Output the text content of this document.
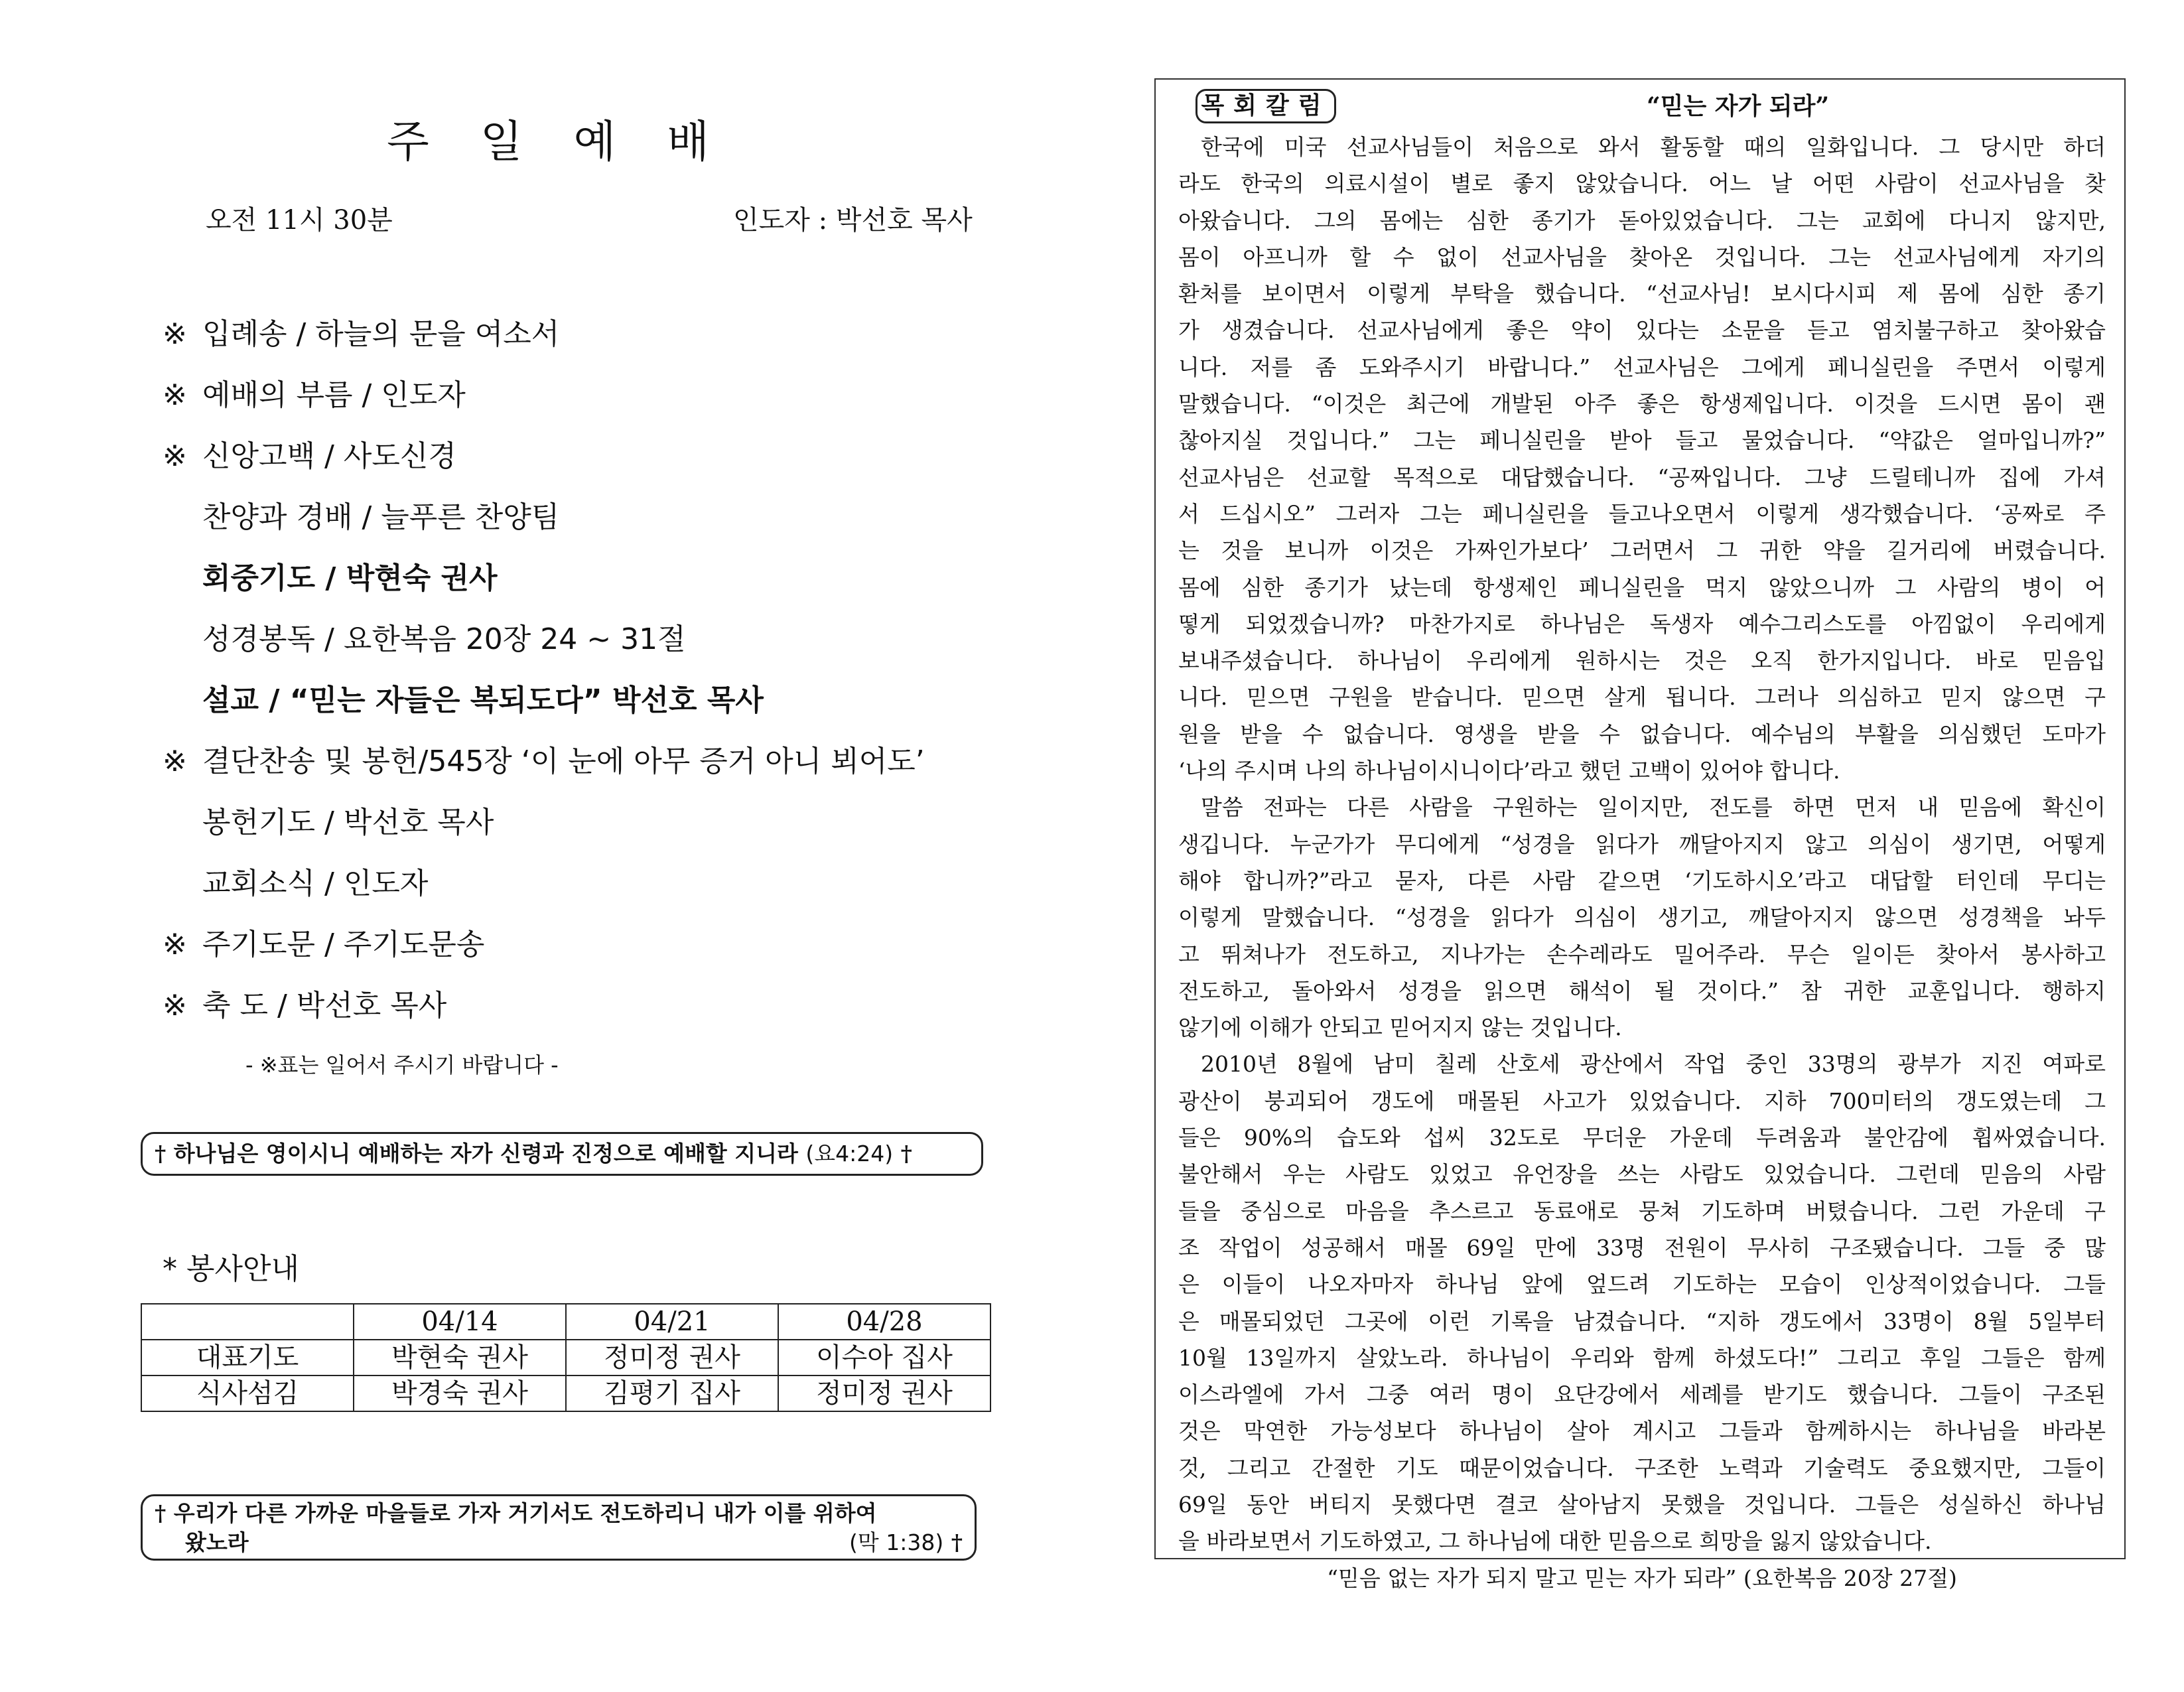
주 일 예 배
오전 11시 30분	인도자 : 박선호 목사
※ 입례송 / 하늘의 문을 여소서
※ 예배의 부름 / 인도자
※ 신앙고백 / 사도신경
찬양과 경배 / 늘푸른 찬양팀
회중기도 / 박현숙 권사
성경봉독 / 요한복음 20장 24 ~ 31절
설교 / “믿는 자들은 복되도다” 박선호 목사
※ 결단찬송 및 봉헌/545장 ‘이 눈에 아무 증거 아니 뵈어도’
봉헌기도 / 박선호 목사
교회소식 / 인도자
※ 주기도문 / 주기도문송
※ 축 도 / 박선호 목사
- ※표는 일어서 주시기 바랍니다 -
† 하나님은 영이시니 예배하는 자가 신령과 진정으로 예배할 지니라 (요4:24) †
* 봉사안내
	04/14	04/21	04/28
대표기도	박현숙 권사	정미정 권사	이수아 집사
식사섬김	박경숙 권사	김평기 집사	정미정 권사
† 우리가 다른 가까운 마을들로 가자 거기서도 전도하리니 내가 이를 위하여
왔노라	(막 1:38) †
목회칼럼	“믿는 자가 되라”
한국에 미국 선교사님들이 처음으로 와서 활동할 때의 일화입니다. 그 당시만 하더
라도 한국의 의료시설이 별로 좋지 않았습니다. 어느 날 어떤 사람이 선교사님을 찾
아왔습니다. 그의 몸에는 심한 종기가 돋아있었습니다. 그는 교회에 다니지 않지만,
몸이 아프니까 할 수 없이 선교사님을 찾아온 것입니다. 그는 선교사님에게 자기의
환처를 보이면서 이렇게 부탁을 했습니다. “선교사님! 보시다시피 제 몸에 심한 종기
가 생겼습니다. 선교사님에게 좋은 약이 있다는 소문을 듣고 염치불구하고 찾아왔습
니다. 저를 좀 도와주시기 바랍니다.” 선교사님은 그에게 페니실린을 주면서 이렇게
말했습니다. “이것은 최근에 개발된 아주 좋은 항생제입니다. 이것을 드시면 몸이 괜
찮아지실 것입니다.” 그는 페니실린을 받아 들고 물었습니다. “약값은 얼마입니까?”
선교사님은 선교할 목적으로 대답했습니다. “공짜입니다. 그냥 드릴테니까 집에 가셔
서 드십시오” 그러자 그는 페니실린을 들고나오면서 이렇게 생각했습니다. ‘공짜로 주
는 것을 보니까 이것은 가짜인가보다’ 그러면서 그 귀한 약을 길거리에 버렸습니다.
몸에 심한 종기가 났는데 항생제인 페니실린을 먹지 않았으니까 그 사람의 병이 어
떻게 되었겠습니까? 마찬가지로 하나님은 독생자 예수그리스도를 아낌없이 우리에게
보내주셨습니다. 하나님이 우리에게 원하시는 것은 오직 한가지입니다. 바로 믿음입
니다. 믿으면 구원을 받습니다. 믿으면 살게 됩니다. 그러나 의심하고 믿지 않으면 구
원을 받을 수 없습니다. 영생을 받을 수 없습니다. 예수님의 부활을 의심했던 도마가
‘나의 주시며 나의 하나님이시니이다’라고 했던 고백이 있어야 합니다.
말씀 전파는 다른 사람을 구원하는 일이지만, 전도를 하면 먼저 내 믿음에 확신이
생깁니다. 누군가가 무디에게 “성경을 읽다가 깨달아지지 않고 의심이 생기면, 어떻게
해야 합니까?”라고 묻자, 다른 사람 같으면 ‘기도하시오’라고 대답할 터인데 무디는
이렇게 말했습니다. “성경을 읽다가 의심이 생기고, 깨달아지지 않으면 성경책을 놔두
고 뛰쳐나가 전도하고, 지나가는 손수레라도 밀어주라. 무슨 일이든 찾아서 봉사하고
전도하고, 돌아와서 성경을 읽으면 해석이 될 것이다.” 참 귀한 교훈입니다. 행하지
않기에 이해가 안되고 믿어지지 않는 것입니다.
2010년 8월에 남미 칠레 산호세 광산에서 작업 중인 33명의 광부가 지진 여파로
광산이 붕괴되어 갱도에 매몰된 사고가 있었습니다. 지하 700미터의 갱도였는데 그
들은 90%의 습도와 섭씨 32도로 무더운 가운데 두려움과 불안감에 휩싸였습니다.
불안해서 우는 사람도 있었고 유언장을 쓰는 사람도 있었습니다. 그런데 믿음의 사람
들을 중심으로 마음을 추스르고 동료애로 뭉쳐 기도하며 버텼습니다. 그런 가운데 구
조 작업이 성공해서 매몰 69일 만에 33명 전원이 무사히 구조됐습니다. 그들 중 많
은 이들이 나오자마자 하나님 앞에 엎드려 기도하는 모습이 인상적이었습니다. 그들
은 매몰되었던 그곳에 이런 기록을 남겼습니다. “지하 갱도에서 33명이 8월 5일부터
10월 13일까지 살았노라. 하나님이 우리와 함께 하셨도다!” 그리고 후일 그들은 함께
이스라엘에 가서 그중 여러 명이 요단강에서 세례를 받기도 했습니다. 그들이 구조된
것은 막연한 가능성보다 하나님이 살아 계시고 그들과 함께하시는 하나님을 바라본
것, 그리고 간절한 기도 때문이었습니다. 구조한 노력과 기술력도 중요했지만, 그들이
69일 동안 버티지 못했다면 결코 살아남지 못했을 것입니다. 그들은 성실하신 하나님
을 바라보면서 기도하였고, 그 하나님에 대한 믿음으로 희망을 잃지 않았습니다.
“믿음 없는 자가 되지 말고 믿는 자가 되라” (요한복음 20장 27절)
